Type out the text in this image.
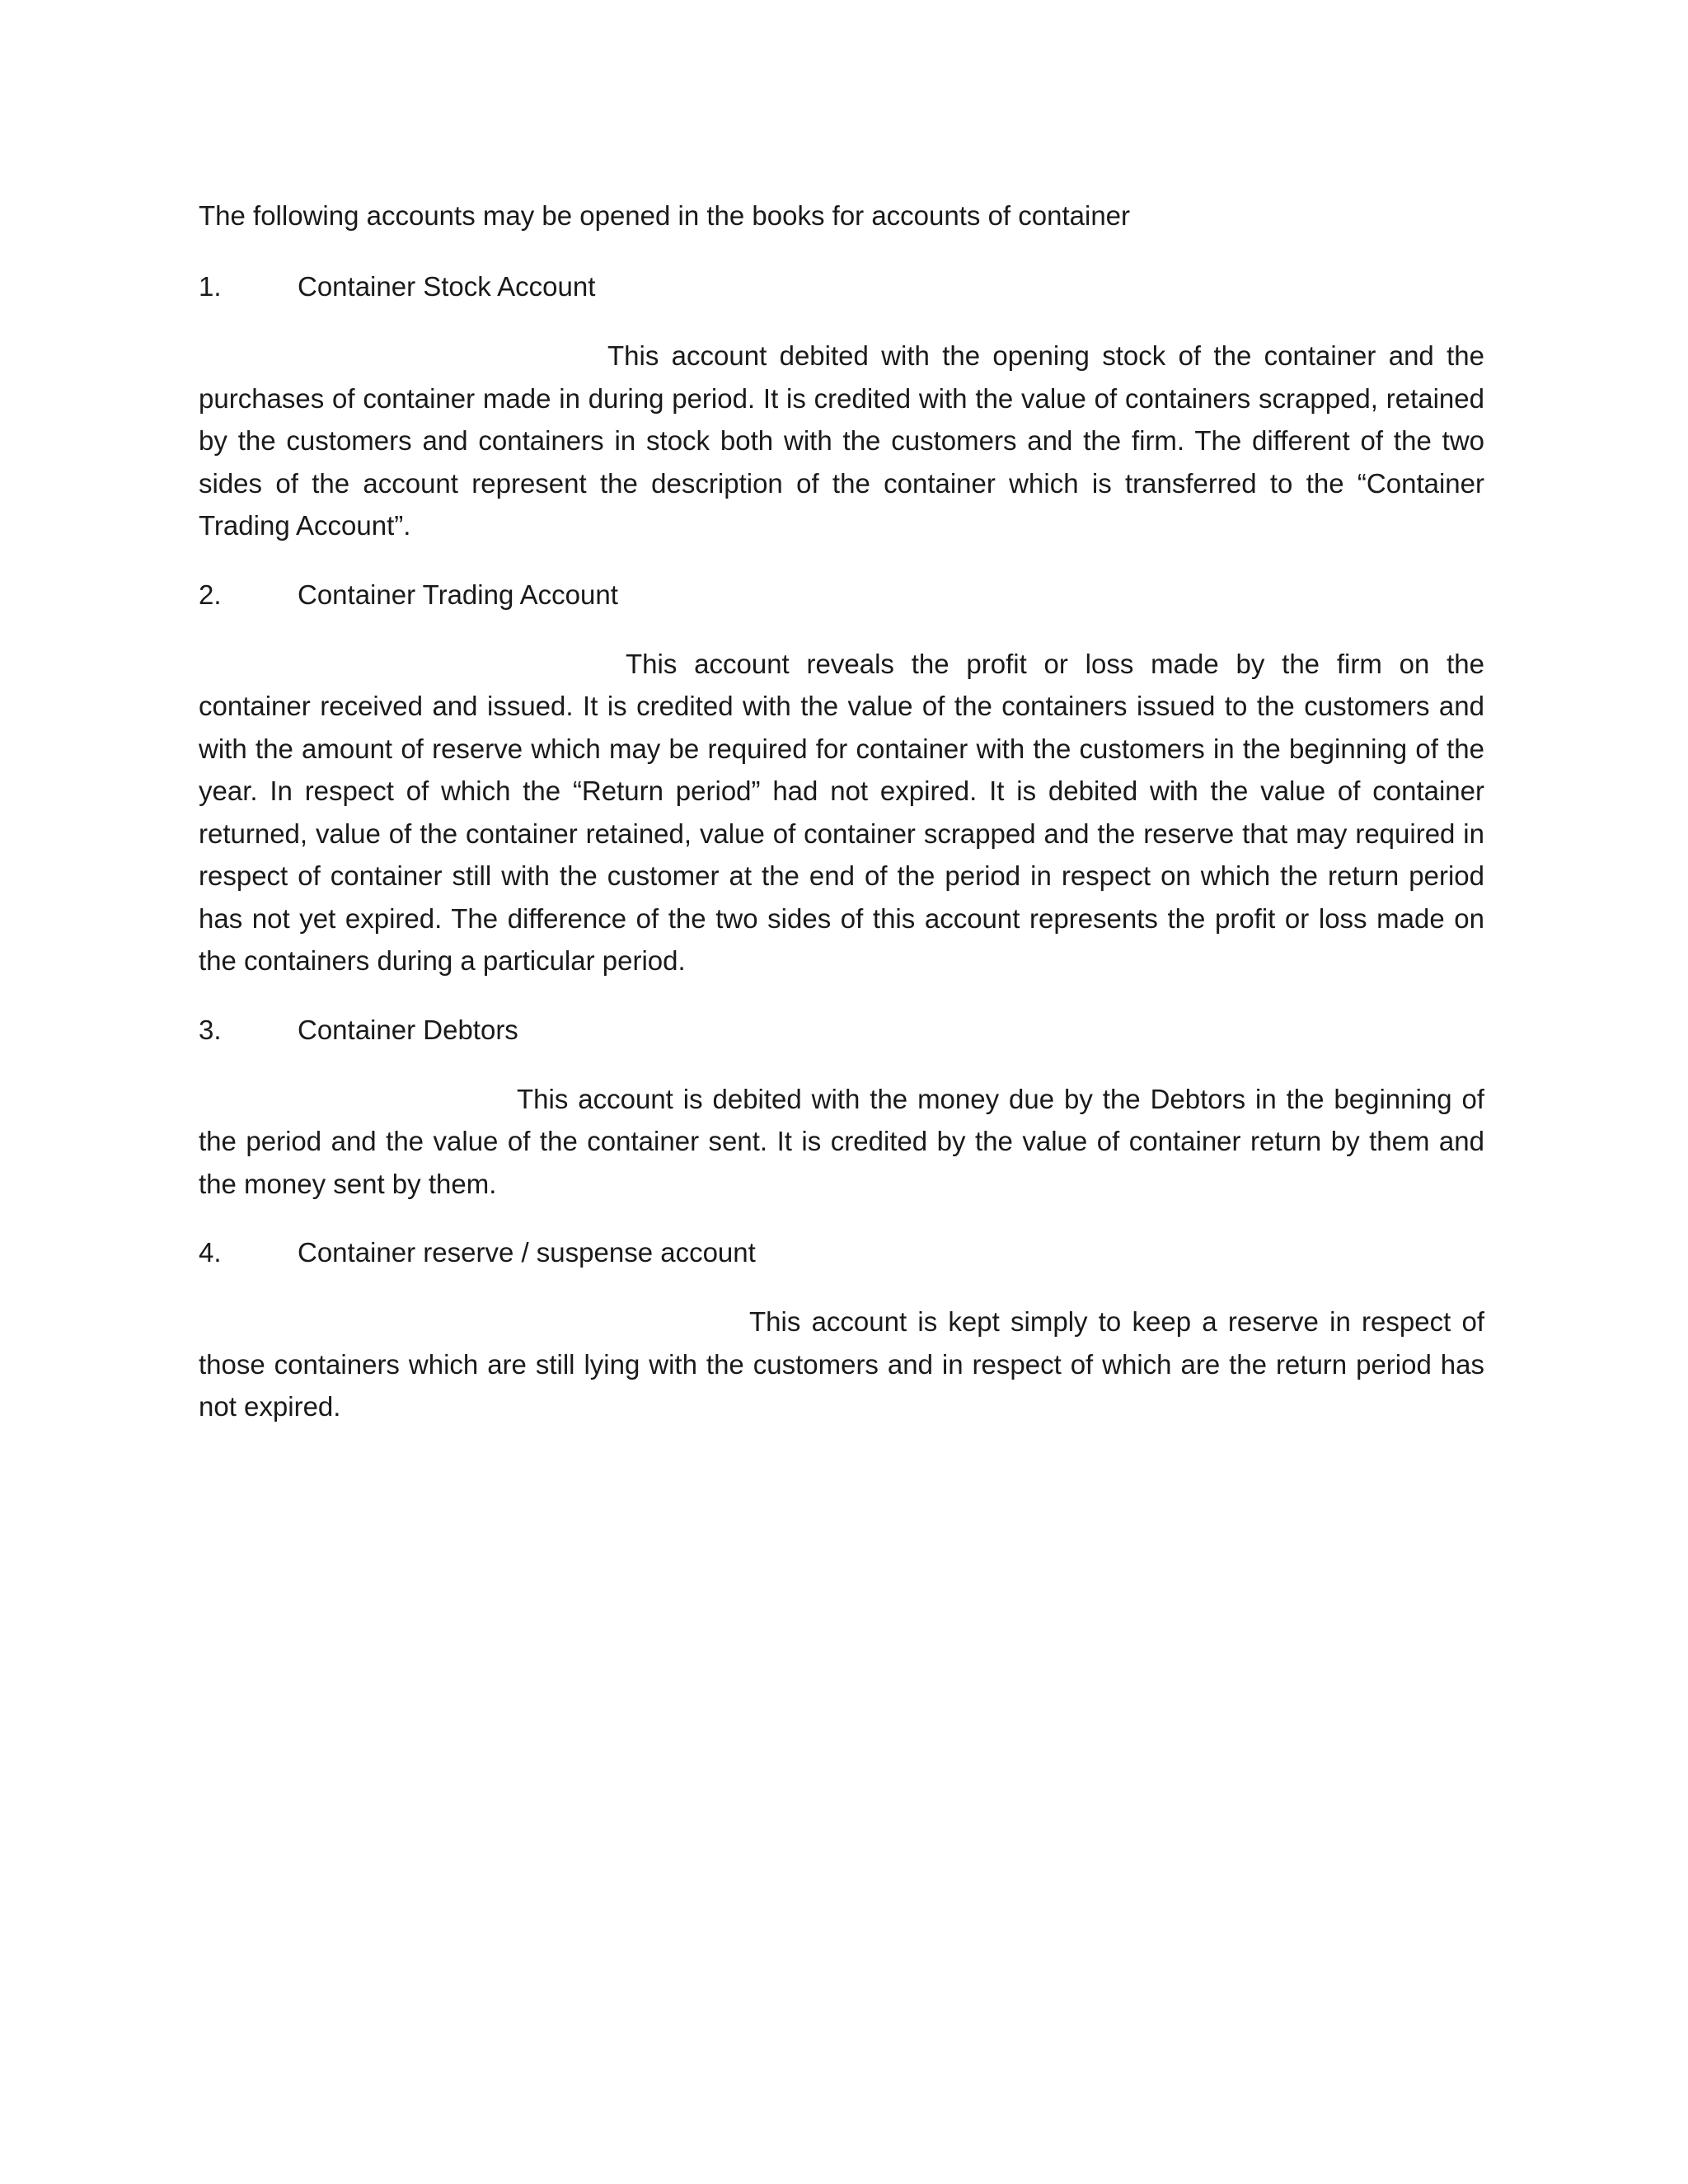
The following accounts may be opened in the books for accounts of container

1.	Container Stock Account

This account debited with the opening stock of the container and the purchases of container made in during period. It is credited with the value of containers scrapped, retained by the customers and containers in stock both with the customers and the firm. The different of the two sides of the account represent the description of the container which is transferred to the “Container Trading Account”.

2.	Container Trading Account

This account reveals the profit or loss made by the firm on the container received and issued. It is credited with the value of the containers issued to the customers and with the amount of reserve which may be required for container with the customers in the beginning of the year. In respect of which the “Return period” had not expired. It is debited with the value of container returned, value of the container retained, value of container scrapped and the reserve that may required in respect of container still with the customer at the end of the period in respect on which the return period has not yet expired. The difference of the two sides of this account represents the profit or loss made on the containers during a particular period.

3.	Container Debtors

This account is debited with the money due by the Debtors in the beginning of the period and the value of the container sent. It is credited by the value of container return by them and the money sent by them.

4.	Container reserve / suspense account

This account is kept simply to keep a reserve in respect of those containers which are still lying with the customers and in respect of which are the return period has not expired.
